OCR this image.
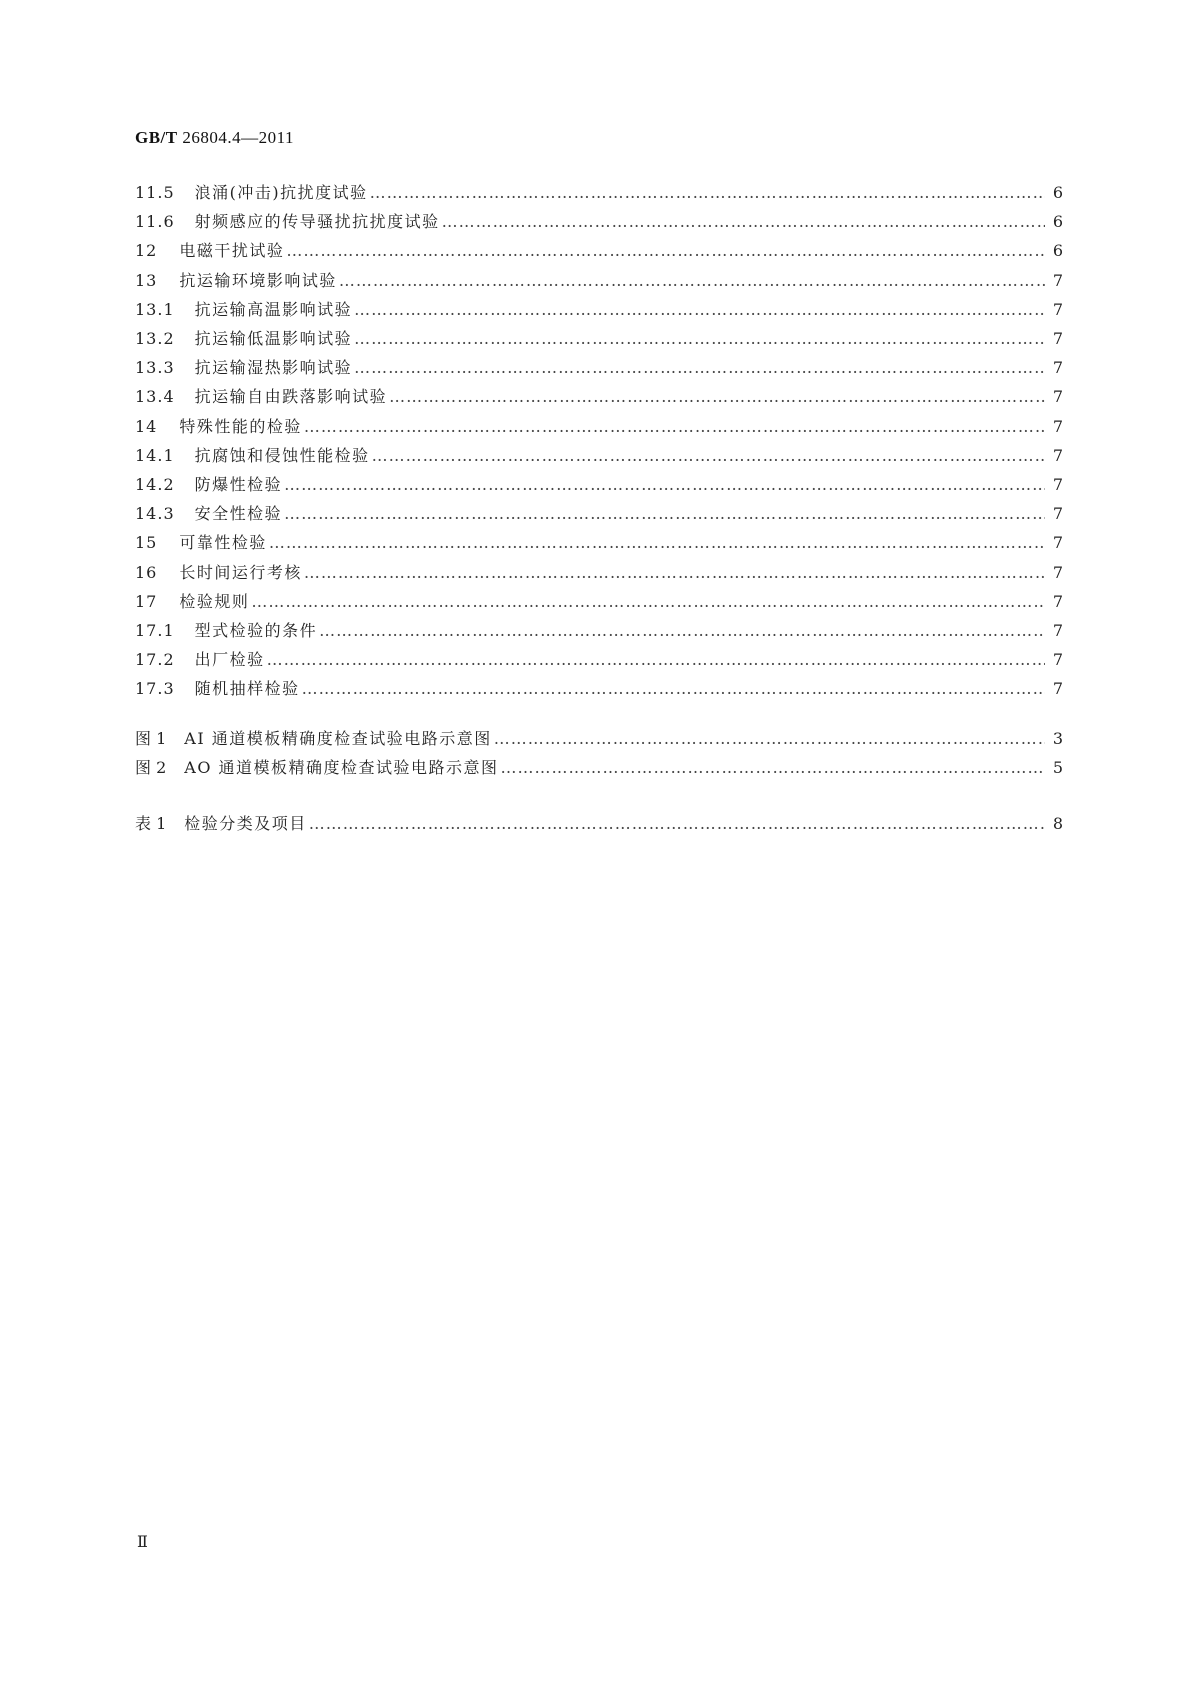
GB/T 26804.4—2011
11.5 浪涌(冲击)抗扰度试验 …………………………………………………………………………………………………………………………………………………………………………………………………………………………………………………………	6
11.6 射频感应的传导骚扰抗扰度试验 …………………………………………………………………………………………………………………………………………………………………………………………………………………………………………………………	6
12 电磁干扰试验 …………………………………………………………………………………………………………………………………………………………………………………………………………………………………………………………	6
13 抗运输环境影响试验 …………………………………………………………………………………………………………………………………………………………………………………………………………………………………………………………	7
13.1 抗运输高温影响试验 …………………………………………………………………………………………………………………………………………………………………………………………………………………………………………………………	7
13.2 抗运输低温影响试验 …………………………………………………………………………………………………………………………………………………………………………………………………………………………………………………………	7
13.3 抗运输湿热影响试验 …………………………………………………………………………………………………………………………………………………………………………………………………………………………………………………………	7
13.4 抗运输自由跌落影响试验 …………………………………………………………………………………………………………………………………………………………………………………………………………………………………………………………	7
14 特殊性能的检验 …………………………………………………………………………………………………………………………………………………………………………………………………………………………………………………………	7
14.1 抗腐蚀和侵蚀性能检验 …………………………………………………………………………………………………………………………………………………………………………………………………………………………………………………………	7
14.2 防爆性检验 …………………………………………………………………………………………………………………………………………………………………………………………………………………………………………………………	7
14.3 安全性检验 …………………………………………………………………………………………………………………………………………………………………………………………………………………………………………………………	7
15 可靠性检验 …………………………………………………………………………………………………………………………………………………………………………………………………………………………………………………………	7
16 长时间运行考核 …………………………………………………………………………………………………………………………………………………………………………………………………………………………………………………………	7
17 检验规则 …………………………………………………………………………………………………………………………………………………………………………………………………………………………………………………………	7
17.1 型式检验的条件 …………………………………………………………………………………………………………………………………………………………………………………………………………………………………………………………	7
17.2 出厂检验 …………………………………………………………………………………………………………………………………………………………………………………………………………………………………………………………	7
17.3 随机抽样检验 …………………………………………………………………………………………………………………………………………………………………………………………………………………………………………………………	7
图 1 AI 通道模板精确度检查试验电路示意图 …………………………………………………………………………………………………………………………………………………………………………………………………………………………………………………………	3
图 2 AO 通道模板精确度检查试验电路示意图 …………………………………………………………………………………………………………………………………………………………………………………………………………………………………………………………	5
表 1 检验分类及项目 …………………………………………………………………………………………………………………………………………………………………………………………………………………………………………………………	8
Ⅱ
